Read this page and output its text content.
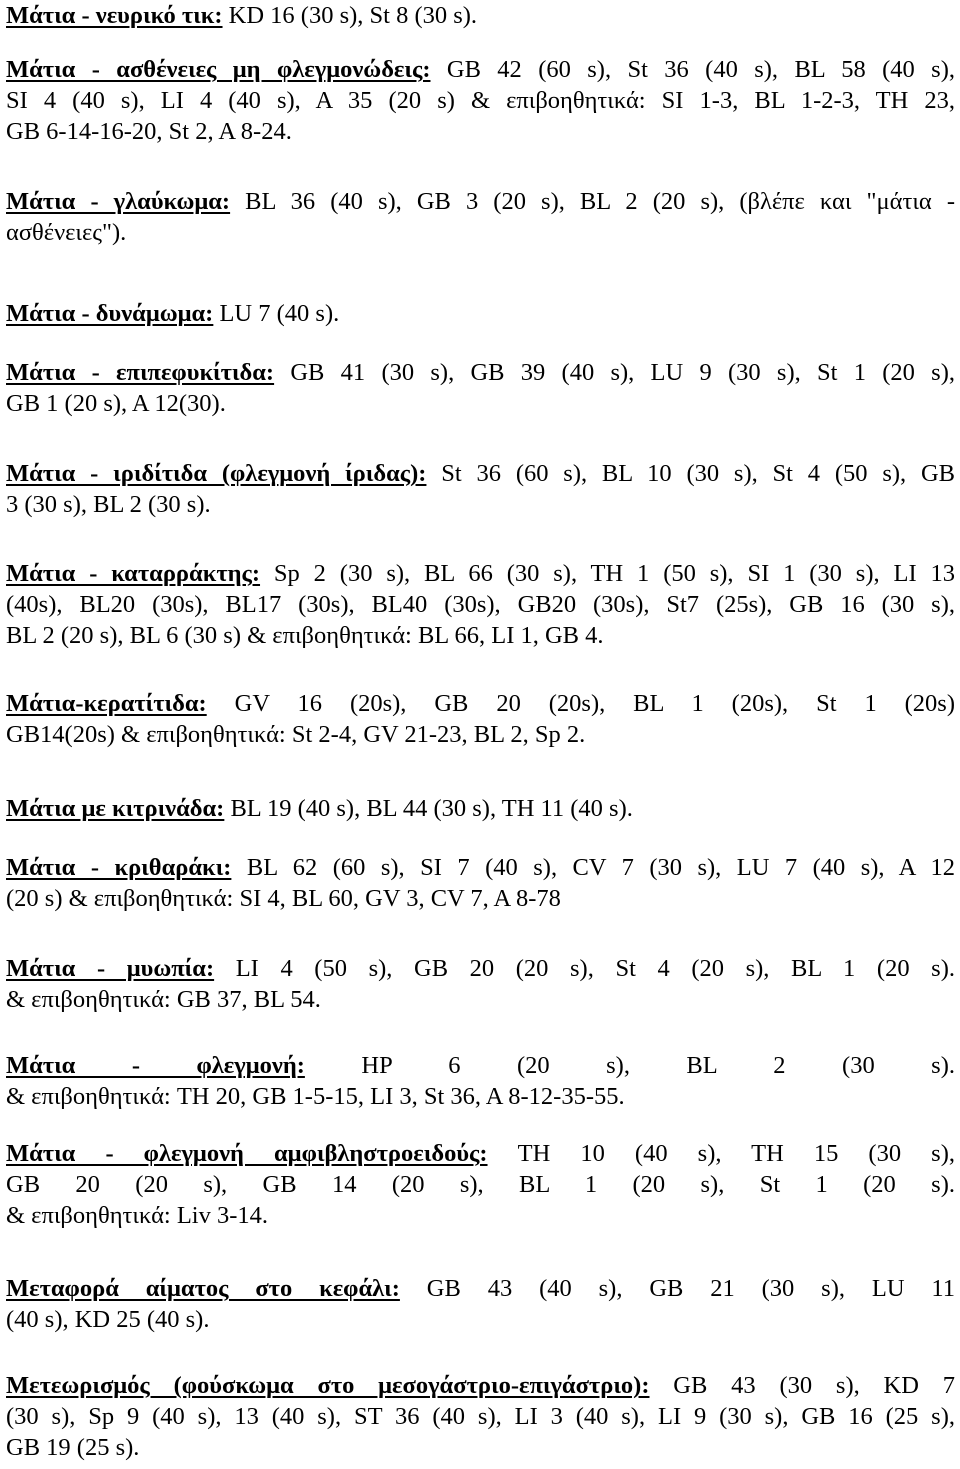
Μάτια - νευρικό τικ: KD 16 (30 s), St 8 (30 s).

Μάτια - ασθένειες μη φλεγμονώδεις: GB 42 (60 s), St 36 (40 s), BL 58 (40 s),
SI 4 (40 s), LI 4 (40 s), A 35 (20 s) & επιβοηθητικά: SI 1-3, BL 1-2-3, TH 23,
GB 6-14-16-20, St 2, A 8-24.

Μάτια - γλαύκωμα: BL 36 (40 s), GB 3 (20 s), BL 2 (20 s), (βλέπε και "μάτια -
ασθένειες").

Μάτια - δυνάμωμα: LU 7 (40 s).

Μάτια - επιπεφυκίτιδα: GB 41 (30 s), GB 39 (40 s), LU 9 (30 s), St 1 (20 s),
GB 1 (20 s), A 12(30).

Μάτια - ιριδίτιδα (φλεγμονή ίριδας): St 36 (60 s), BL 10 (30 s), St 4 (50 s), GB
3 (30 s), BL 2 (30 s).

Μάτια - καταρράκτης: Sp 2 (30 s), BL 66 (30 s), TH 1 (50 s), SI 1 (30 s), LI 13
(40s), BL20 (30s), BL17 (30s), BL40 (30s), GB20 (30s), St7 (25s), GB 16 (30 s),
BL 2 (20 s), BL 6 (30 s) & επιβοηθητικά: BL 66, LI 1, GB 4.

Μάτια-κερατίτιδα: GV 16 (20s), GB 20 (20s), BL 1 (20s), St 1 (20s)
GB14(20s) & επιβοηθητικά: St 2-4, GV 21-23, BL 2, Sp 2.

Μάτια με κιτρινάδα: BL 19 (40 s), BL 44 (30 s), TH 11 (40 s).

Μάτια - κριθαράκι: BL 62 (60 s), SI 7 (40 s), CV 7 (30 s), LU 7 (40 s), A 12
(20 s) & επιβοηθητικά: SI 4, BL 60, GV 3, CV 7, A 8-78

Μάτια - μυωπία: LI 4 (50 s), GB 20 (20 s), St 4 (20 s), BL 1 (20 s).
& επιβοηθητικά: GB 37, BL 54.

Μάτια - φλεγμονή: HP 6 (20 s), BL 2 (30 s).
& επιβοηθητικά: TH 20, GB 1-5-15, LI 3, St 36, A 8-12-35-55.

Μάτια - φλεγμονή αμφιβληστροειδούς: TH 10 (40 s), TH 15 (30 s),
GB 20 (20 s), GB 14 (20 s), BL 1 (20 s), St 1 (20 s).
& επιβοηθητικά: Liv 3-14.

Μεταφορά αίματος στο κεφάλι: GB 43 (40 s), GB 21 (30 s), LU 11
(40 s), KD 25 (40 s).

Μετεωρισμός (φούσκωμα στο μεσογάστριο-επιγάστριο): GB 43 (30 s), KD 7
(30 s), Sp 9 (40 s), 13 (40 s), ST 36 (40 s), LI 3 (40 s), LI 9 (30 s), GB 16 (25 s),
GB 19 (25 s).
